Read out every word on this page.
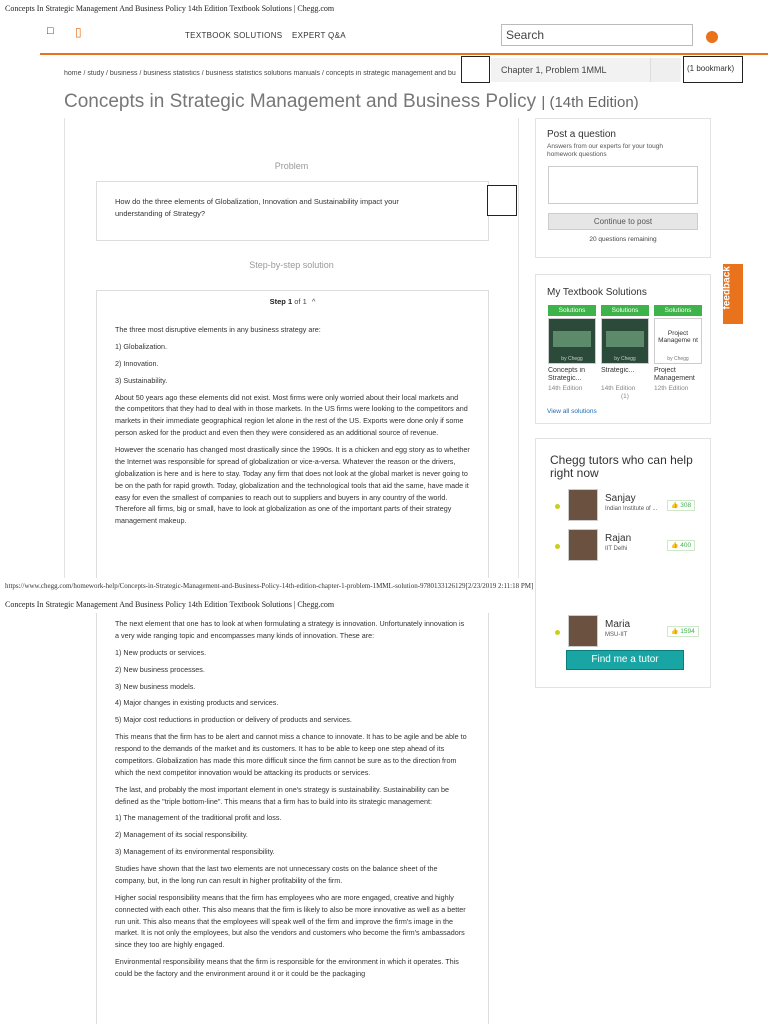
Concepts In Strategic Management And Business Policy 14th Edition Textbook Solutions | Chegg.com
□ ▯	TEXTBOOK SOLUTIONS EXPERT Q&A	Search
home / study / business / business statistics / business statistics solutions manuals / concepts in strategic management and bu	Chapter 1, Problem 1MML	(1 bookmark)
Concepts in Strategic Management and Business Policy | (14th Edition)
Problem
How do the three elements of Globalization, Innovation and Sustainability impact your understanding of Strategy?
Step-by-step solution
Step 1 of 1 ^

The three most disruptive elements in any business strategy are:

1) Globalization.

2) Innovation.

3) Sustainability.

About 50 years ago these elements did not exist. Most firms were only worried about their local markets and the competitors that they had to deal with in those markets. In the US firms were looking to the competitors and markets in their immediate geographical region let alone in the rest of the US. Exports were done only if some person asked for the product and even then they were considered as an additional source of revenue.

However the scenario has changed most drastically since the 1990s. It is a chicken and egg story as to whether the Internet was responsible for spread of globalization or vice-a-versa. Whatever the reason or the drivers, globalization is here and is here to stay. Today any firm that does not look at the global market is never going to be on the path for rapid growth. Today, globalization and the technological tools that aid the same, have made it easy for even the smallest of companies to reach out to suppliers and buyers in any country of the world. Therefore all firms, big or small, have to look at globalization as one of the important parts of their strategy management makeup.

https://www.chegg.com/homework-help/Concepts-in-Strategic-Management-and-Business-Policy-14th-edition-chapter-1-problem-1MML-solution-9780133126129[2/23/2019 2:11:18 PM]
Concepts In Strategic Management And Business Policy 14th Edition Textbook Solutions | Chegg.com

The next element that one has to look at when formulating a strategy is innovation. Unfortunately innovation is a very wide ranging topic and encompasses many kinds of innovation. These are:

1) New products or services.

2) New business processes.

3) New business models.

4) Major changes in existing products and services.

5) Major cost reductions in production or delivery of products and services.

This means that the firm has to be alert and cannot miss a chance to innovate. It has to be agile and be able to respond to the demands of the market and its customers. It has to be able to keep one step ahead of its competitors. Globalization has made this more difficult since the firm cannot be sure as to the direction from which the next competitor innovation would be attacking its products or services.

The last, and probably the most important element in one's strategy is sustainability. Sustainability can be defined as the "triple bottom-line". This means that a firm has to build into its strategic management:

1) The management of the traditional profit and loss.

2) Management of its social responsibility.

3) Management of its environmental responsibility.

Studies have shown that the last two elements are not unnecessary costs on the balance sheet of the company, but, in the long run can result in higher profitability of the firm.

Higher social responsibility means that the firm has employees who are more engaged, creative and highly connected with each other. This also means that the firm is likely to also be more innovative as well as a better run unit. This also means that the employees will speak well of the firm and improve the firm's image in the market. It is not only the employees, but also the vendors and customers who become the firm's ambassadors since they too are highly engaged.

Environmental responsibility means that the firm is responsible for the environment in which it operates. This could be the factory and the environment around it or it could be the packaging

Post a question
Answers from our experts for your tough homework questions
Continue to post
20 questions remaining
My Textbook Solutions
Solutions
by Chegg
Concepts in Strategic...
14th Edition
Solutions
by Chegg
Strategic...
14th Edition
(1)
Solutions
Project Manageme nt
by Chegg
Project Management
12th Edition
View all solutions
feedback
Chegg tutors who can help right now
Sanjay
Indian Institute of ...	👍 308
Rajan
IIT Delhi	👍 400
Maria
MSU-IIT	👍 1594
Find me a tutor
